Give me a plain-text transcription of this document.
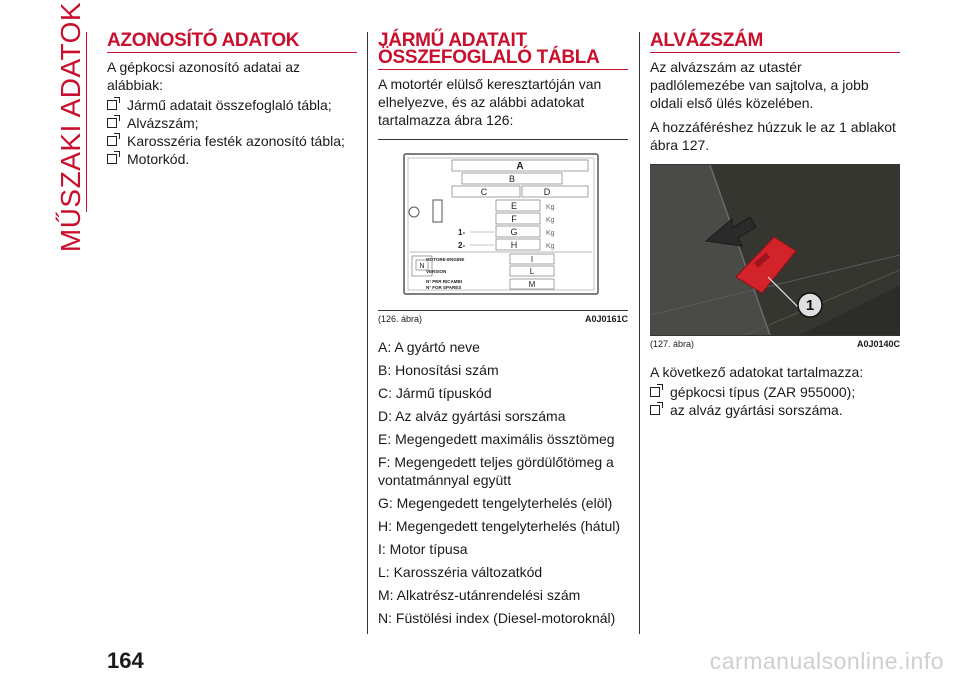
MŰSZAKI ADATOK AZONOSÍTÓ ADATOK

A gépkocsi azonosító adatai az alábbiak:

Jármű adatait összefoglaló tábla;
Alvázszám;
Karosszéria festék azonosító tábla;
Motorkód.
JÁRMŰ ADATAIT
ÖSSZEFOGLALÓ TÁBLA

A motortér elülső keresztartóján van elhelyezve, és az alábbi adatokat tartalmazza ábra 126:

A
B
C	D
E
F
G
H
Kg
Kg
Kg
Kg
1-
2-
MOTORE-ENGINE	I
VERSION	L
N° PER RICAMBI
N° FOR SPARES	M
N
(126. ábra)	A0J0161C

A: A gyártó neve

B: Honosítási szám

C: Jármű típuskód

D: Az alváz gyártási sorszáma

E: Megengedett maximális össztömeg

F: Megengedett teljes gördülőtömeg a vontatmánnyal együtt

G: Megengedett tengelyterhelés (elöl)

H: Megengedett tengelyterhelés (hátul)

I: Motor típusa

L: Karosszéria változatkód

M: Alkatrész-utánrendelési szám

N: Füstölési index (Diesel-motoroknál)

ALVÁZSZÁM

Az alvázszám az utastér padlólemezébe van sajtolva, a jobb oldali első ülés közelében.

A hozzáféréshez húzzuk le az 1 ablakot ábra 127.

1
(127. ábra)	A0J0140C

A következő adatokat tartalmazza:

gépkocsi típus (ZAR 955000);
az alváz gyártási sorszáma.
164	carmanualsonline.info
